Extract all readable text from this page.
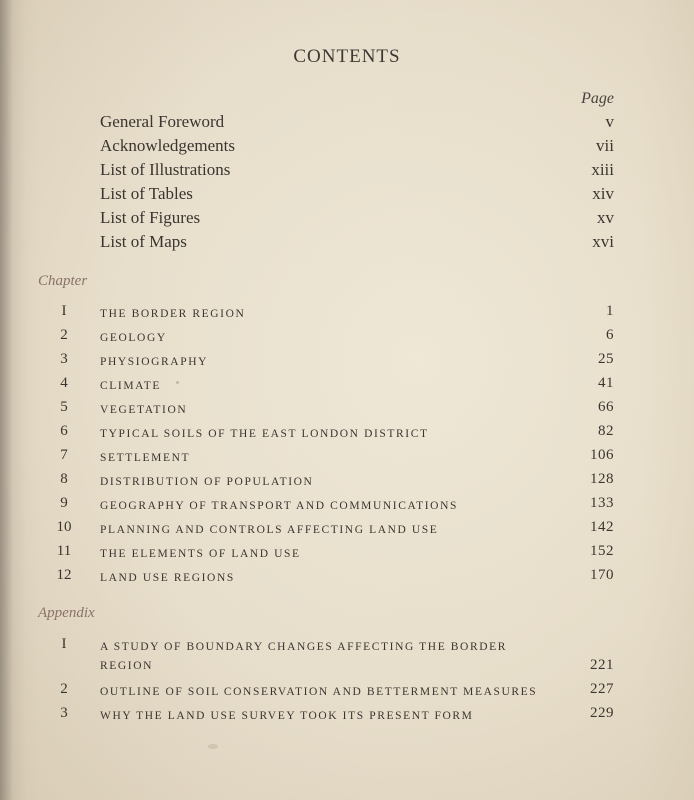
CONTENTS
Page
General Foreword	v
Acknowledgements	vii
List of Illustrations	xiii
List of Tables	xiv
List of Figures	xv
List of Maps	xvi
Chapter
I	THE BORDER REGION	1
2	GEOLOGY	6
3	PHYSIOGRAPHY	25
4	CLIMATE	41
5	VEGETATION	66
6	TYPICAL SOILS OF THE EAST LONDON DISTRICT	82
7	SETTLEMENT	106
8	DISTRIBUTION OF POPULATION	128
9	GEOGRAPHY OF TRANSPORT AND COMMUNICATIONS	133
10	PLANNING AND CONTROLS AFFECTING LAND USE	142
11	THE ELEMENTS OF LAND USE	152
12	LAND USE REGIONS	170
Appendix
I	A STUDY OF BOUNDARY CHANGES AFFECTING THE BORDER REGION	221
2	OUTLINE OF SOIL CONSERVATION AND BETTERMENT MEASURES	227
3	WHY THE LAND USE SURVEY TOOK ITS PRESENT FORM	229
